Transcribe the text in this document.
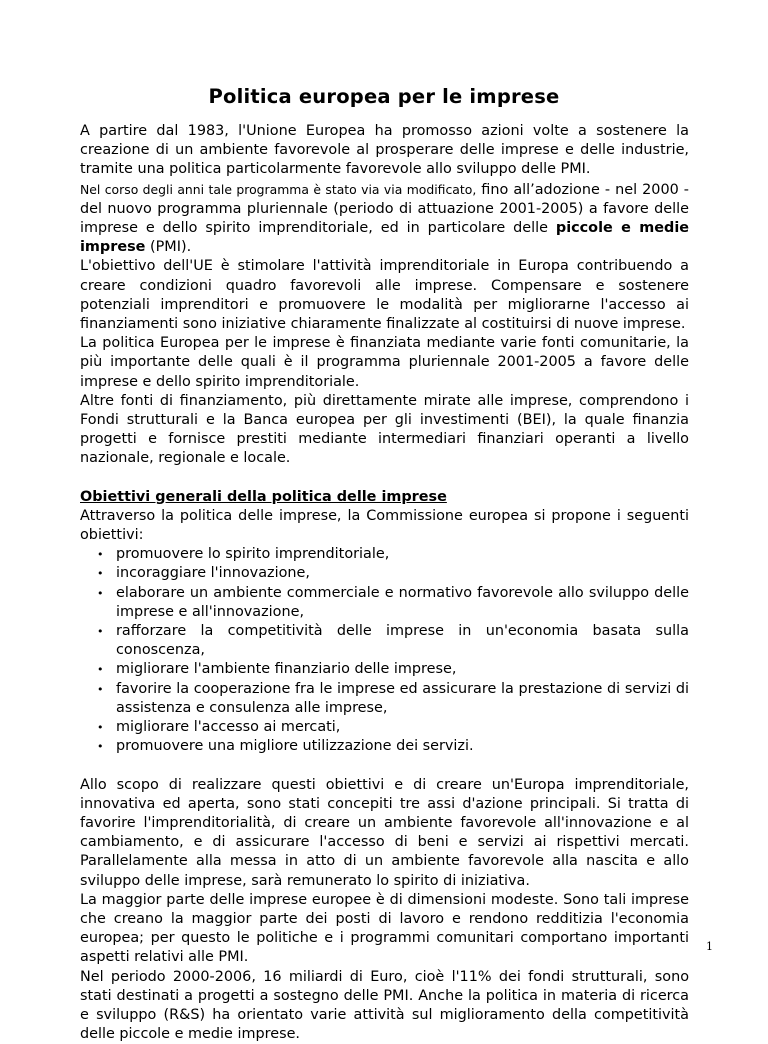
Politica europea per le imprese

A partire dal 1983, l'Unione Europea ha promosso azioni volte a sostenere la creazione di un ambiente favorevole al prosperare delle imprese e delle industrie, tramite una politica particolarmente favorevole allo sviluppo delle PMI.

Nel corso degli anni tale programma è stato via via modificato, fino all’adozione - nel 2000 - del nuovo programma pluriennale (periodo di attuazione 2001-2005) a favore delle imprese e dello spirito imprenditoriale, ed in particolare delle piccole e medie imprese (PMI).

L'obiettivo dell'UE è stimolare l'attività imprenditoriale in Europa contribuendo a creare condizioni quadro favorevoli alle imprese. Compensare e sostenere potenziali imprenditori e promuovere le modalità per migliorarne l'accesso ai finanziamenti sono iniziative chiaramente finalizzate al costituirsi di nuove imprese.

La politica Europea per le imprese è finanziata mediante varie fonti comunitarie, la più importante delle quali è il programma pluriennale 2001-2005 a favore delle imprese e dello spirito imprenditoriale.

Altre fonti di finanziamento, più direttamente mirate alle imprese, comprendono i Fondi strutturali e la Banca europea per gli investimenti (BEI), la quale finanzia progetti e fornisce prestiti mediante intermediari finanziari operanti a livello nazionale, regionale e locale.

Obiettivi generali della politica delle imprese

Attraverso la politica delle imprese, la Commissione europea si propone i seguenti obiettivi:

• promuovere lo spirito imprenditoriale,
• incoraggiare l'innovazione,
• elaborare un ambiente commerciale e normativo favorevole allo sviluppo delle imprese e all'innovazione,
• rafforzare la competitività delle imprese in un'economia basata sulla conoscenza,
• migliorare l'ambiente finanziario delle imprese,
• favorire la cooperazione fra le imprese ed assicurare la prestazione di servizi di assistenza e consulenza alle imprese,
• migliorare l'accesso ai mercati,
• promuovere una migliore utilizzazione dei servizi.

Allo scopo di realizzare questi obiettivi e di creare un'Europa imprenditoriale, innovativa ed aperta, sono stati concepiti tre assi d'azione principali. Si tratta di favorire l'imprenditorialità, di creare un ambiente favorevole all'innovazione e al cambiamento, e di assicurare l'accesso di beni e servizi ai rispettivi mercati. Parallelamente alla messa in atto di un ambiente favorevole alla nascita e allo sviluppo delle imprese, sarà remunerato lo spirito di iniziativa.

La maggior parte delle imprese europee è di dimensioni modeste. Sono tali imprese che creano la maggior parte dei posti di lavoro e rendono redditizia l'economia europea; per questo le politiche e i programmi comunitari comportano importanti aspetti relativi alle PMI.

Nel periodo 2000-2006, 16 miliardi di Euro, cioè l'11% dei fondi strutturali, sono stati destinati a progetti a sostegno delle PMI. Anche la politica in materia di ricerca e sviluppo (R&S) ha orientato varie attività sul miglioramento della competitività delle piccole e medie imprese.

1
